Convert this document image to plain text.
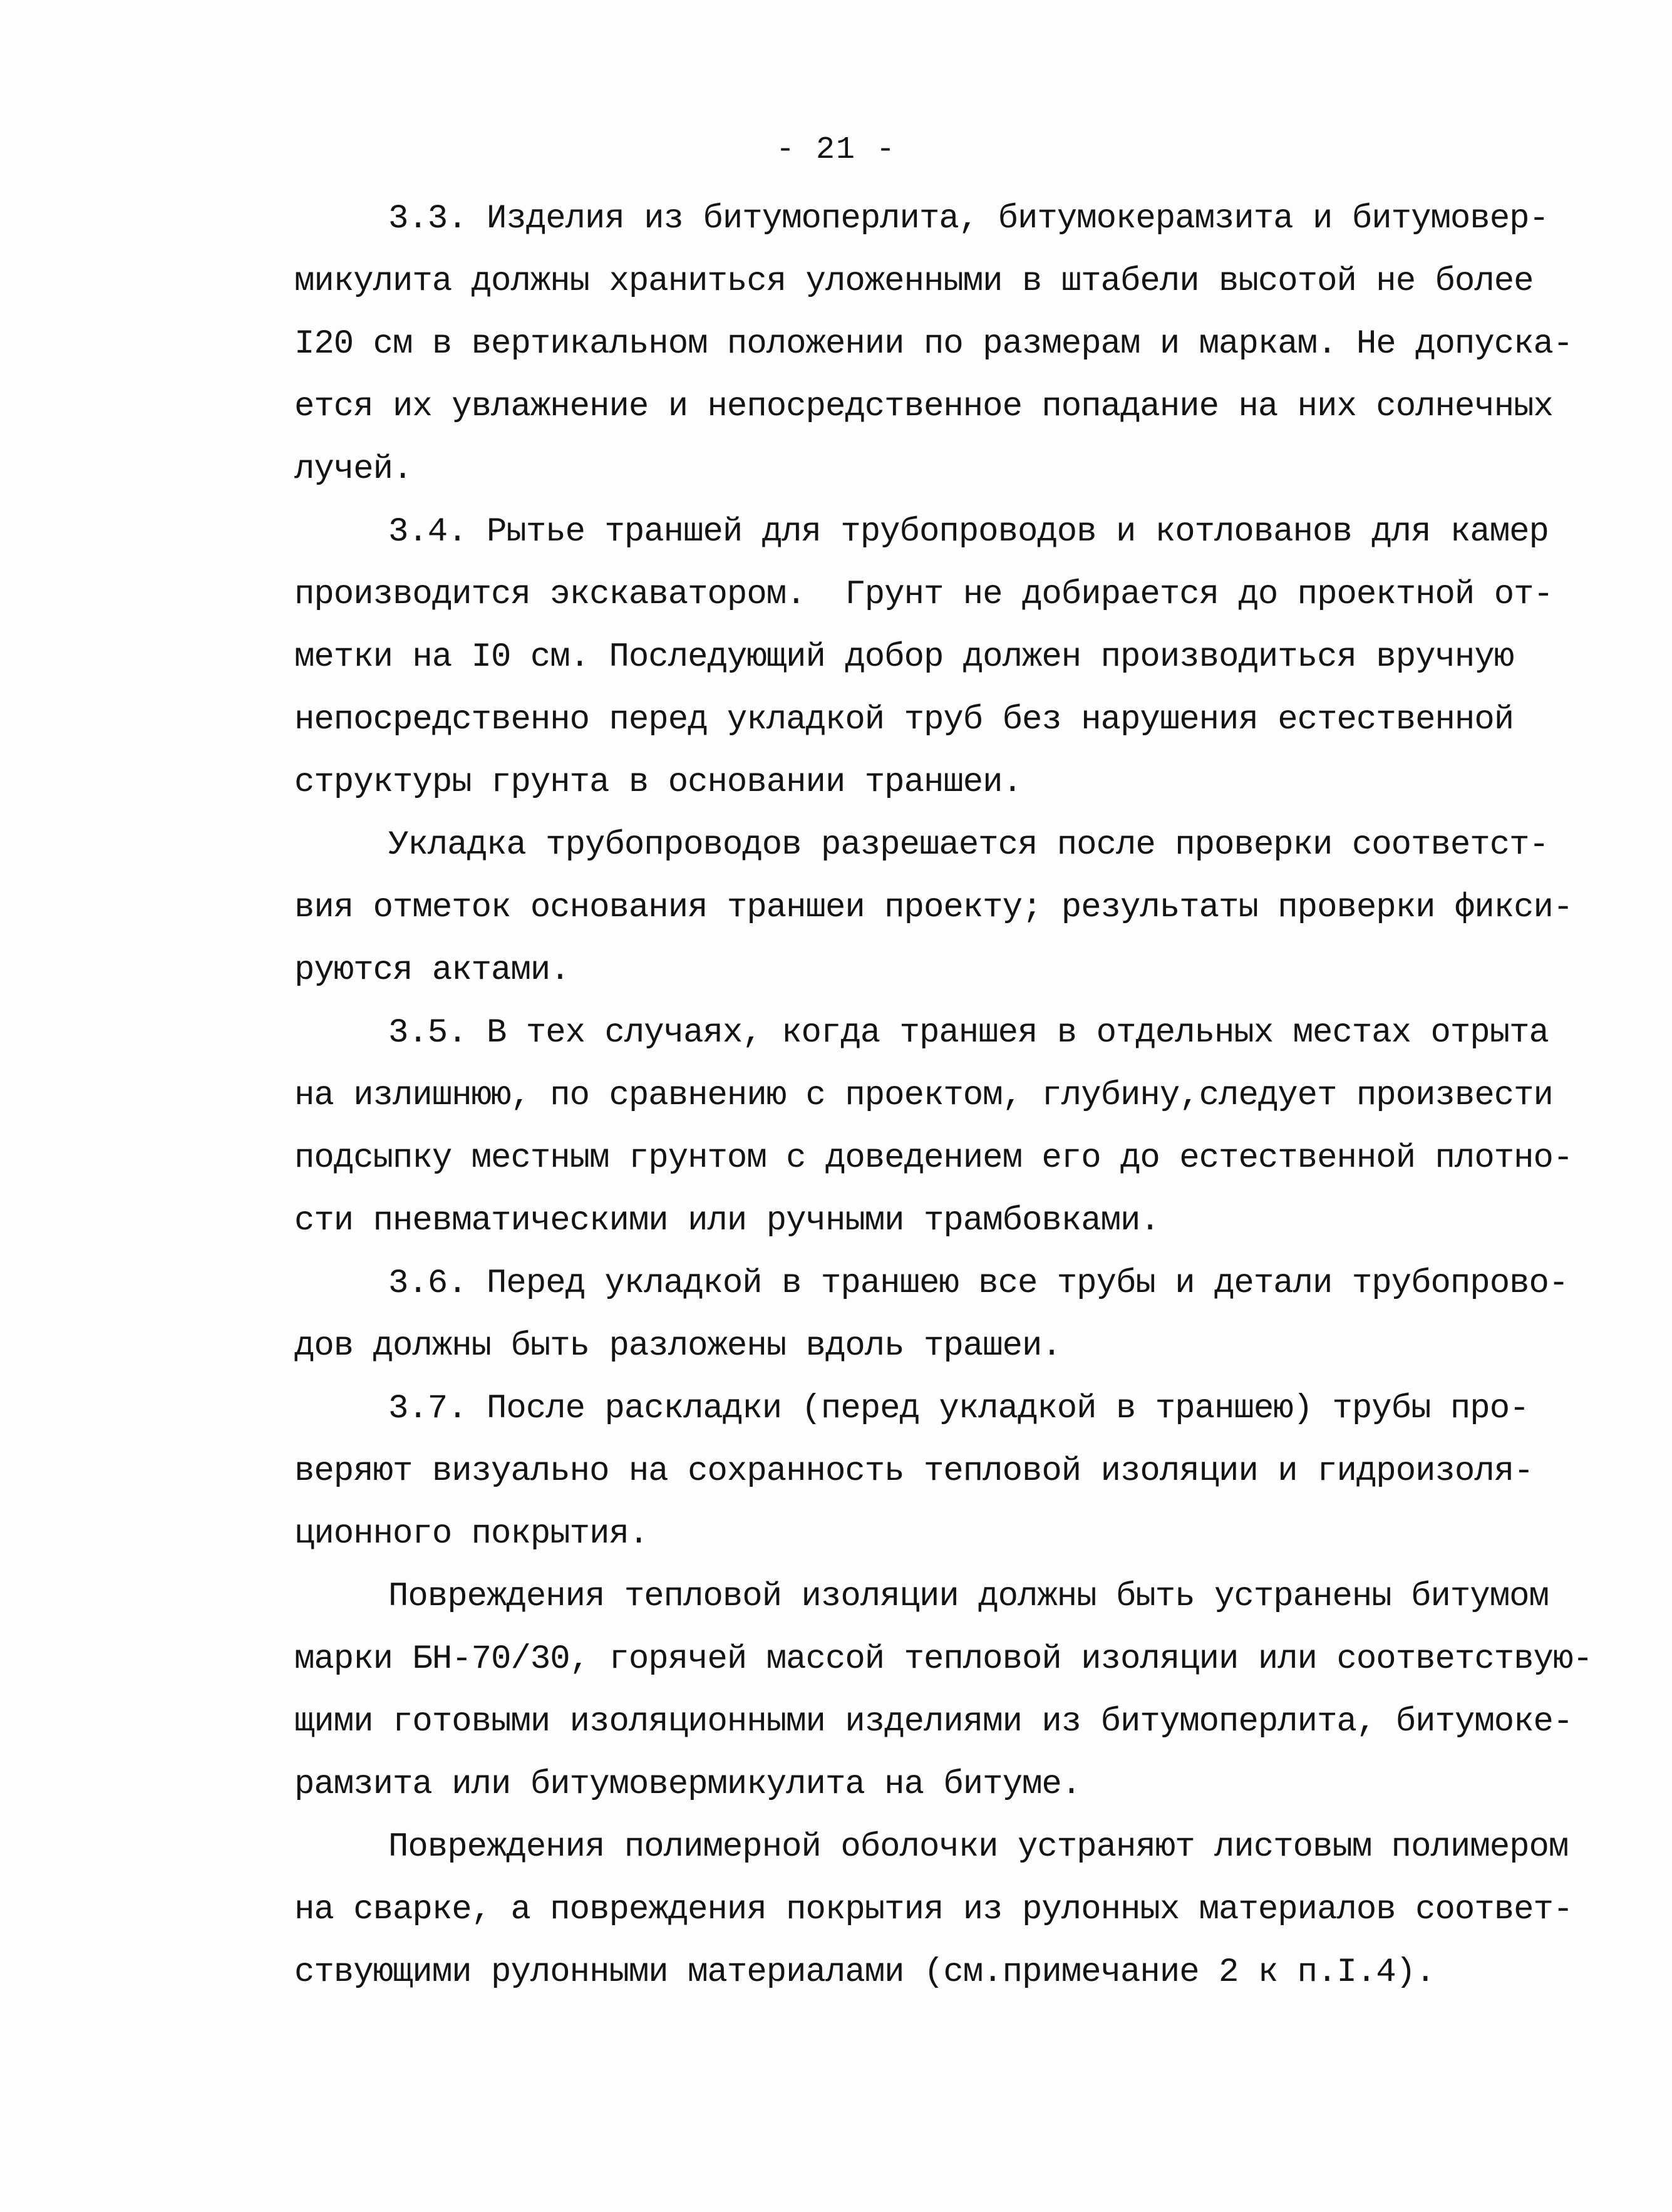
- 21 -
3.3. Изделия из битумоперлита, битумокерамзита и битумовер-
микулита должны храниться уложенными в штабели высотой не более
I20 см в вертикальном положении по размерам и маркам. Не допуска-
ется их увлажнение и непосредственное попадание на них солнечных
лучей.
3.4. Рытье траншей для трубопроводов и котлованов для камер
производится экскаватором.  Грунт не добирается до проектной от-
метки на I0 см. Последующий добор должен производиться вручную
непосредственно перед укладкой труб без нарушения естественной
структуры грунта в основании траншеи.
Укладка трубопроводов разрешается после проверки соответст-
вия отметок основания траншеи проекту; результаты проверки фикси-
руются актами.
3.5. В тех случаях, когда траншея в отдельных местах отрыта
на излишнюю, по сравнению с проектом, глубину,следует произвести
подсыпку местным грунтом с доведением его до естественной плотно-
сти пневматическими или ручными трамбовками.
3.6. Перед укладкой в траншею все трубы и детали трубопрово-
дов должны быть разложены вдоль трашеи.
3.7. После раскладки (перед укладкой в траншею) трубы про-
веряют визуально на сохранность тепловой изоляции и гидроизоля-
ционного покрытия.
Повреждения тепловой изоляции должны быть устранены битумом
марки БН-70/30, горячей массой тепловой изоляции или соответствую-
щими готовыми изоляционными изделиями из битумоперлита, битумоке-
рамзита или битумовермикулита на битуме.
Повреждения полимерной оболочки устраняют листовым полимером
на сварке, а повреждения покрытия из рулонных материалов соответ-
ствующими рулонными материалами (см.примечание 2 к п.I.4).
